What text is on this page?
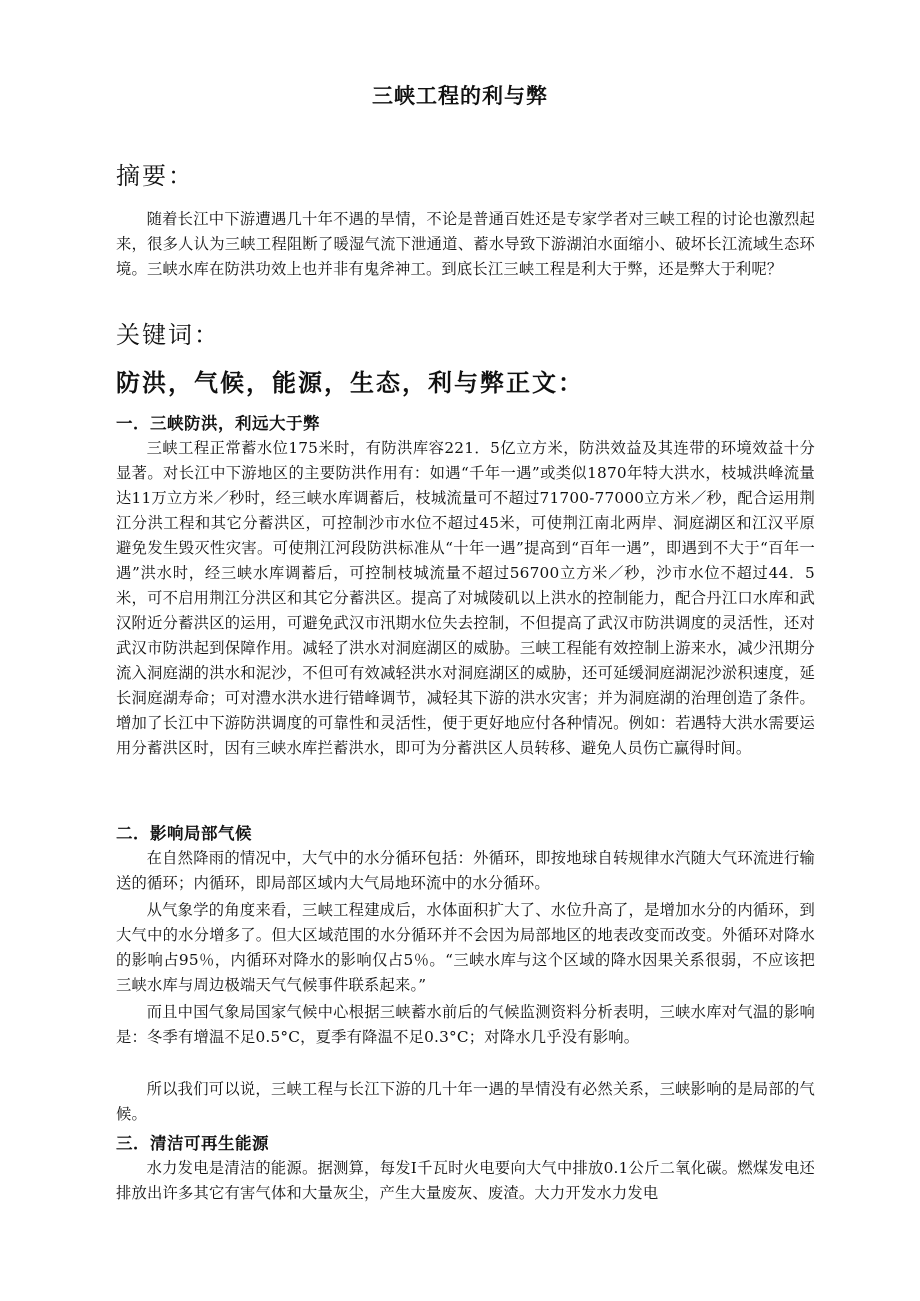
三峡工程的利与弊
摘要：
随着长江中下游遭遇几十年不遇的旱情，不论是普通百姓还是专家学者对三峡工程的讨论也激烈起来，很多人认为三峡工程阻断了暖湿气流下泄通道、蓄水导致下游湖泊水面缩小、破坏长江流域生态环境。三峡水库在防洪功效上也并非有鬼斧神工。到底长江三峡工程是利大于弊，还是弊大于利呢？
关键词：
防洪，气候，能源，生态，利与弊正文：
一．三峡防洪，利远大于弊
三峡工程正常蓄水位175米时，有防洪库容221．5亿立方米，防洪效益及其连带的环境效益十分显著。对长江中下游地区的主要防洪作用有：如遇“千年一遇”或类似1870年特大洪水，枝城洪峰流量达11万立方米／秒时，经三峡水库调蓄后，枝城流量可不超过71700-77000立方米／秒，配合运用荆江分洪工程和其它分蓄洪区，可控制沙市水位不超过45米，可使荆江南北两岸、洞庭湖区和江汉平原避免发生毁灭性灾害。可使荆江河段防洪标准从“十年一遇”提高到“百年一遇”，即遇到不大于“百年一遇”洪水时，经三峡水库调蓄后，可控制枝城流量不超过56700立方米／秒，沙市水位不超过44．5米，可不启用荆江分洪区和其它分蓄洪区。提高了对城陵矶以上洪水的控制能力，配合丹江口水库和武汉附近分蓄洪区的运用，可避免武汉市汛期水位失去控制，不但提高了武汉市防洪调度的灵活性，还对武汉市防洪起到保障作用。减轻了洪水对洞庭湖区的威胁。三峡工程能有效控制上游来水，减少汛期分流入洞庭湖的洪水和泥沙，不但可有效减轻洪水对洞庭湖区的威胁，还可延缓洞庭湖泥沙淤积速度，延长洞庭湖寿命；可对澧水洪水进行错峰调节，减轻其下游的洪水灾害；并为洞庭湖的治理创造了条件。增加了长江中下游防洪调度的可靠性和灵活性，便于更好地应付各种情况。例如：若遇特大洪水需要运用分蓄洪区时，因有三峡水库拦蓄洪水，即可为分蓄洪区人员转移、避免人员伤亡赢得时间。
二．影响局部气候
在自然降雨的情况中，大气中的水分循环包括：外循环，即按地球自转规律水汽随大气环流进行输送的循环；内循环，即局部区域内大气局地环流中的水分循环。
从气象学的角度来看，三峡工程建成后，水体面积扩大了、水位升高了，是增加水分的内循环，到大气中的水分增多了。但大区域范围的水分循环并不会因为局部地区的地表改变而改变。外循环对降水的影响占95％，内循环对降水的影响仅占5％。“三峡水库与这个区域的降水因果关系很弱，不应该把三峡水库与周边极端天气气候事件联系起来。”
而且中国气象局国家气候中心根据三峡蓄水前后的气候监测资料分析表明，三峡水库对气温的影响是：冬季有增温不足0.5°C，夏季有降温不足0.3°C；对降水几乎没有影响。
所以我们可以说，三峡工程与长江下游的几十年一遇的旱情没有必然关系，三峡影响的是局部的气候。
三．清洁可再生能源
水力发电是清洁的能源。据测算，每发I千瓦时火电要向大气中排放0.1公斤二氧化碳。燃煤发电还排放出许多其它有害气体和大量灰尘，产生大量废灰、废渣。大力开发水力发电
